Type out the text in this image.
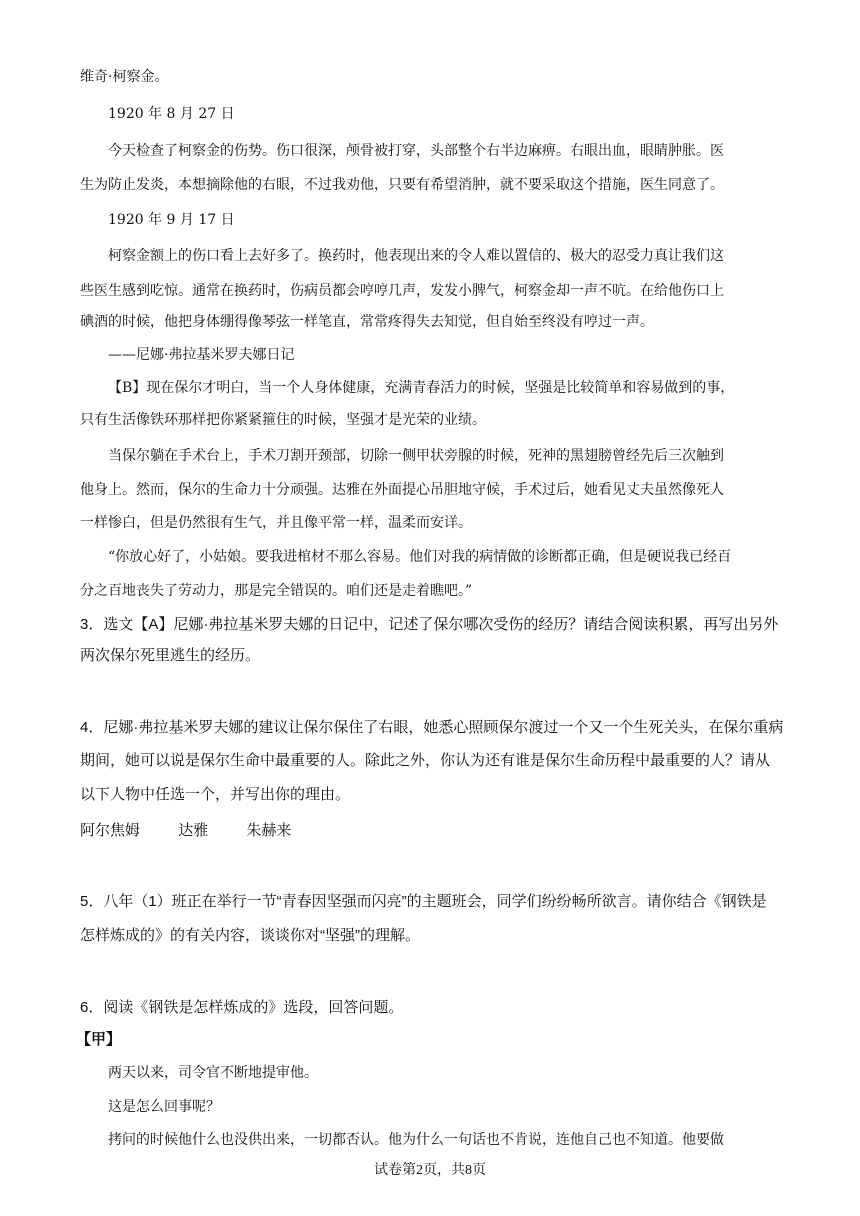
维奇·柯察金。

1920 年 8 月 27 日

今天检查了柯察金的伤势。伤口很深，颅骨被打穿，头部整个右半边麻痹。右眼出血，眼睛肿胀。医

生为防止发炎，本想摘除他的右眼，不过我劝他，只要有希望消肿，就不要采取这个措施，医生同意了。

1920 年 9 月 17 日

柯察金额上的伤口看上去好多了。换药时，他表现出来的令人难以置信的、极大的忍受力真让我们这

些医生感到吃惊。通常在换药时，伤病员都会哼哼几声，发发小脾气，柯察金却一声不吭。在给他伤口上

碘酒的时候，他把身体绷得像琴弦一样笔直，常常疼得失去知觉，但自始至终没有哼过一声。

——尼娜·弗拉基米罗夫娜日记

【B】现在保尔才明白，当一个人身体健康，充满青春活力的时候，坚强是比较简单和容易做到的事，

只有生活像铁环那样把你紧紧箍住的时候，坚强才是光荣的业绩。

当保尔躺在手术台上，手术刀割开颈部，切除一侧甲状旁腺的时候，死神的黑翅膀曾经先后三次触到

他身上。然而，保尔的生命力十分顽强。达雅在外面提心吊胆地守候，手术过后，她看见丈夫虽然像死人

一样惨白，但是仍然很有生气，并且像平常一样，温柔而安详。

“你放心好了，小姑娘。要我进棺材不那么容易。他们对我的病情做的诊断都正确，但是硬说我已经百

分之百地丧失了劳动力，那是完全错误的。咱们还是走着瞧吧。”

3．选文【A】尼娜·弗拉基米罗夫娜的日记中，记述了保尔哪次受伤的经历？请结合阅读积累，再写出另外

两次保尔死里逃生的经历。

4．尼娜·弗拉基米罗夫娜的建议让保尔保住了右眼，她悉心照顾保尔渡过一个又一个生死关头，在保尔重病

期间，她可以说是保尔生命中最重要的人。除此之外，你认为还有谁是保尔生命历程中最重要的人？请从

以下人物中任选一个，并写出你的理由。

阿尔焦姆	达雅	朱赫来

5．八年（1）班正在举行一节“青春因坚强而闪亮”的主题班会，同学们纷纷畅所欲言。请你结合《钢铁是

怎样炼成的》的有关内容，谈谈你对“坚强”的理解。

6．阅读《钢铁是怎样炼成的》选段，回答问题。

【甲】

两天以来，司令官不断地提审他。

这是怎么回事呢？

拷问的时候他什么也没供出来，一切都否认。他为什么一句话也不肯说，连他自己也不知道。他要做

试卷第2页，共8页
